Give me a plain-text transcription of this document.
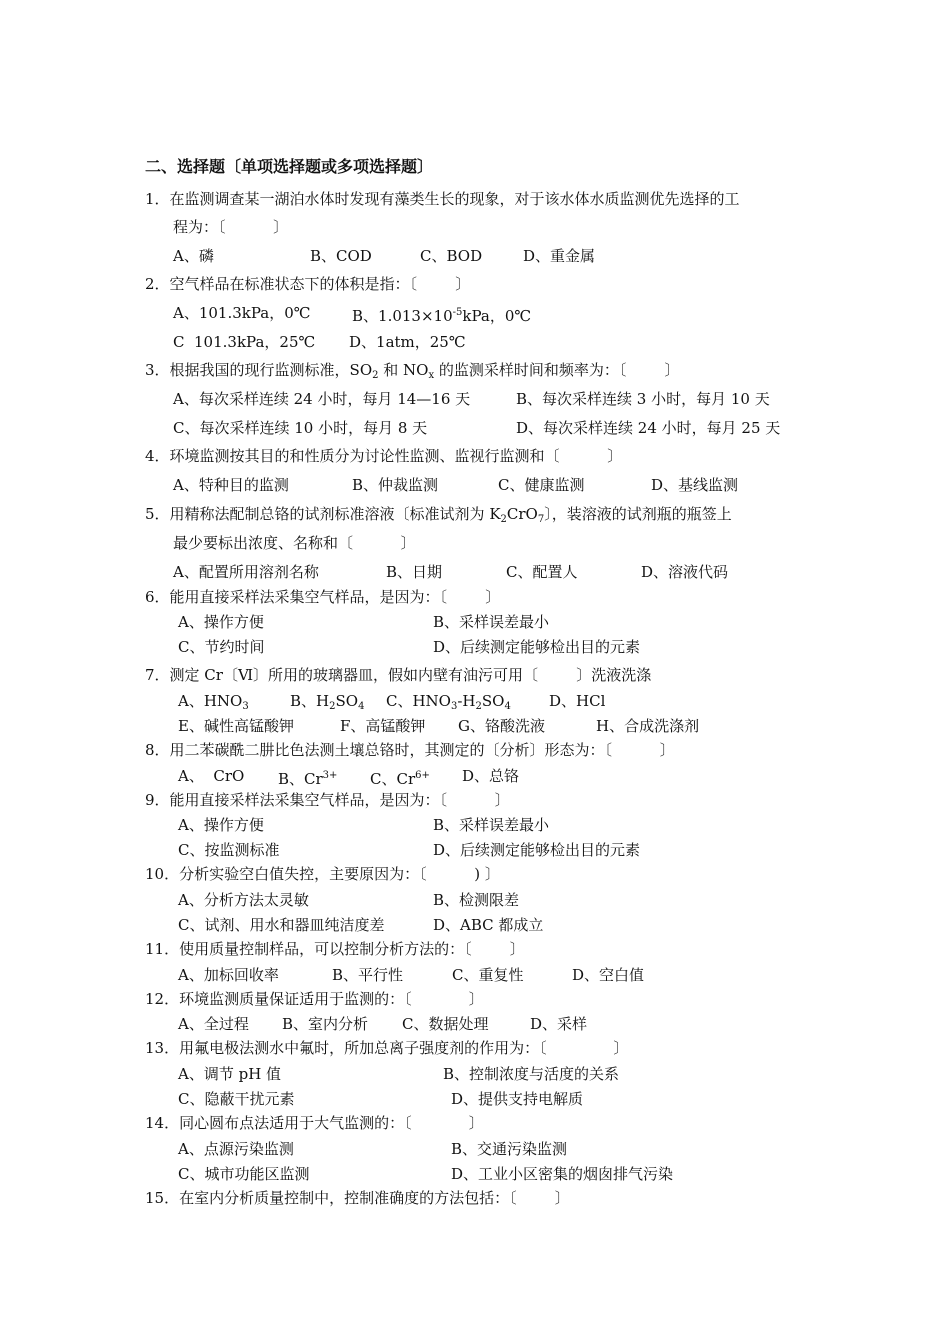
二、选择题〔单项选择题或多项选择题〕
1．在监测调查某一湖泊水体时发现有藻类生长的现象，对于该水体水质监测优先选择的工
程为：〔          〕
A、磷	B、COD	C、BOD	D、重金属
2．空气样品在标准状态下的体积是指：〔        〕
A、101.3kPa，0℃	B、$1.013\times 10^{-5}kPa$，0℃
C  101.3kPa，25℃ D、1atm，25℃
3．根据我国的现行监测标准，$SO_2$ 和 $NO_x$ 的监测采样时间和频率为：〔        〕
A、每次采样连续 24 小时，每月 14—16 天	B、每次采样连续 3 小时，每月 10 天
C、每次采样连续 10 小时，每月 8 天	D、每次采样连续 24 小时，每月 25 天
4．环境监测按其目的和性质分为讨论性监测、监视行监测和〔          〕
A、特种目的监测	B、仲裁监测	C、健康监测	D、基线监测
5．用精称法配制总铬的试剂标准溶液〔标准试剂为 $K_2CrO_7$〕，装溶液的试剂瓶的瓶签上
最少要标出浓度、名称和〔          〕
A、配置所用溶剂名称	B、日期	C、配置人	D、溶液代码
6．能用直接采样法采集空气样品，是因为：〔        〕
A、操作方便	B、采样误差最小
C、节约时间	D、后续测定能够检出目的元素
7．测定 Cr〔Ⅵ〕所用的玻璃器皿，假如内壁有油污可用〔        〕洗液洗涤
A、$HNO_3$	B、$H_2SO_4$ C、$HNO_3-H_2SO_4$	D、HCl
E、碱性高锰酸钾	F、高锰酸钾 G、铬酸洗液	H、合成洗涤剂
8．用二苯碳酰二肼比色法测土壤总铬时，其测定的〔分析〕形态为：〔          〕
A、  CrO B、$Cr^{3+}$ C、$Cr^{6+}$ D、总铬
9．能用直接采样法采集空气样品，是因为：〔          〕
A、操作方便	B、采样误差最小
C、按监测标准	D、后续测定能够检出目的元素
10．分析实验空白值失控，主要原因为：〔          ) 〕
A、分析方法太灵敏	B、检测限差
C、试剂、用水和器皿纯洁度差	D、ABC 都成立
11．使用质量控制样品，可以控制分析方法的：〔        〕
A、加标回收率	B、平行性	C、重复性	D、空白值
12．环境监测质量保证适用于监测的：〔            〕
A、全过程 B、室内分析 C、数据处理	D、采样
13．用氟电极法测水中氟时，所加总离子强度剂的作用为：〔              〕
A、调节 pH 值	B、控制浓度与活度的关系
C、隐蔽干扰元素	D、提供支持电解质
14．同心圆布点法适用于大气监测的：〔            〕
A、点源污染监测	B、交通污染监测
C、城市功能区监测	D、工业小区密集的烟囱排气污染
15．在室内分析质量控制中，控制准确度的方法包括：〔        〕
